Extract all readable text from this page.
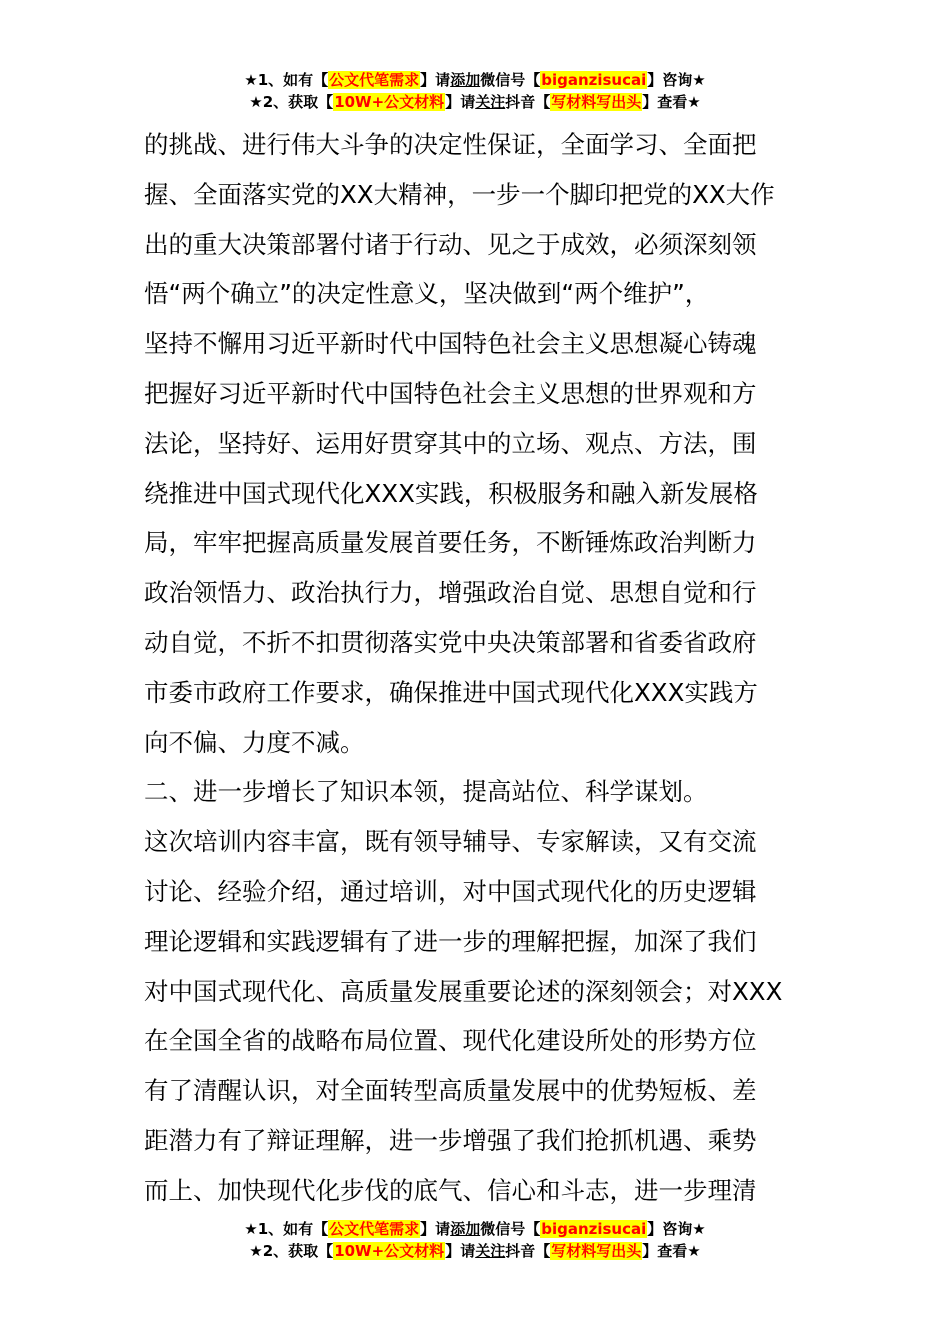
★1、如有【公文代笔需求】请添加微信号【biganzisucai】咨询★
★2、获取【10W+公文材料】请关注抖音【写材料写出头】查看★
的挑战、进行伟大斗争的决定性保证，全面学习、全面把
握、全面落实党的XX大精神，一步一个脚印把党的XX大作
出的重大决策部署付诸于行动、见之于成效，必须深刻领
悟“两个确立”的决定性意义，坚决做到“两个维护”，
坚持不懈用习近平新时代中国特色社会主义思想凝心铸魂
把握好习近平新时代中国特色社会主义思想的世界观和方
法论，坚持好、运用好贯穿其中的立场、观点、方法，围
绕推进中国式现代化XXX实践，积极服务和融入新发展格
局，牢牢把握高质量发展首要任务，不断锤炼政治判断力
政治领悟力、政治执行力，增强政治自觉、思想自觉和行
动自觉，不折不扣贯彻落实党中央决策部署和省委省政府
市委市政府工作要求，确保推进中国式现代化XXX实践方
向不偏、力度不减。
二、进一步增长了知识本领，提高站位、科学谋划。
这次培训内容丰富，既有领导辅导、专家解读，又有交流
讨论、经验介绍，通过培训，对中国式现代化的历史逻辑
理论逻辑和实践逻辑有了进一步的理解把握，加深了我们
对中国式现代化、高质量发展重要论述的深刻领会；对XXX
在全国全省的战略布局位置、现代化建设所处的形势方位
有了清醒认识，对全面转型高质量发展中的优势短板、差
距潜力有了辩证理解，进一步增强了我们抢抓机遇、乘势
而上、加快现代化步伐的底气、信心和斗志，进一步理清
★1、如有【公文代笔需求】请添加微信号【biganzisucai】咨询★
★2、获取【10W+公文材料】请关注抖音【写材料写出头】查看★
